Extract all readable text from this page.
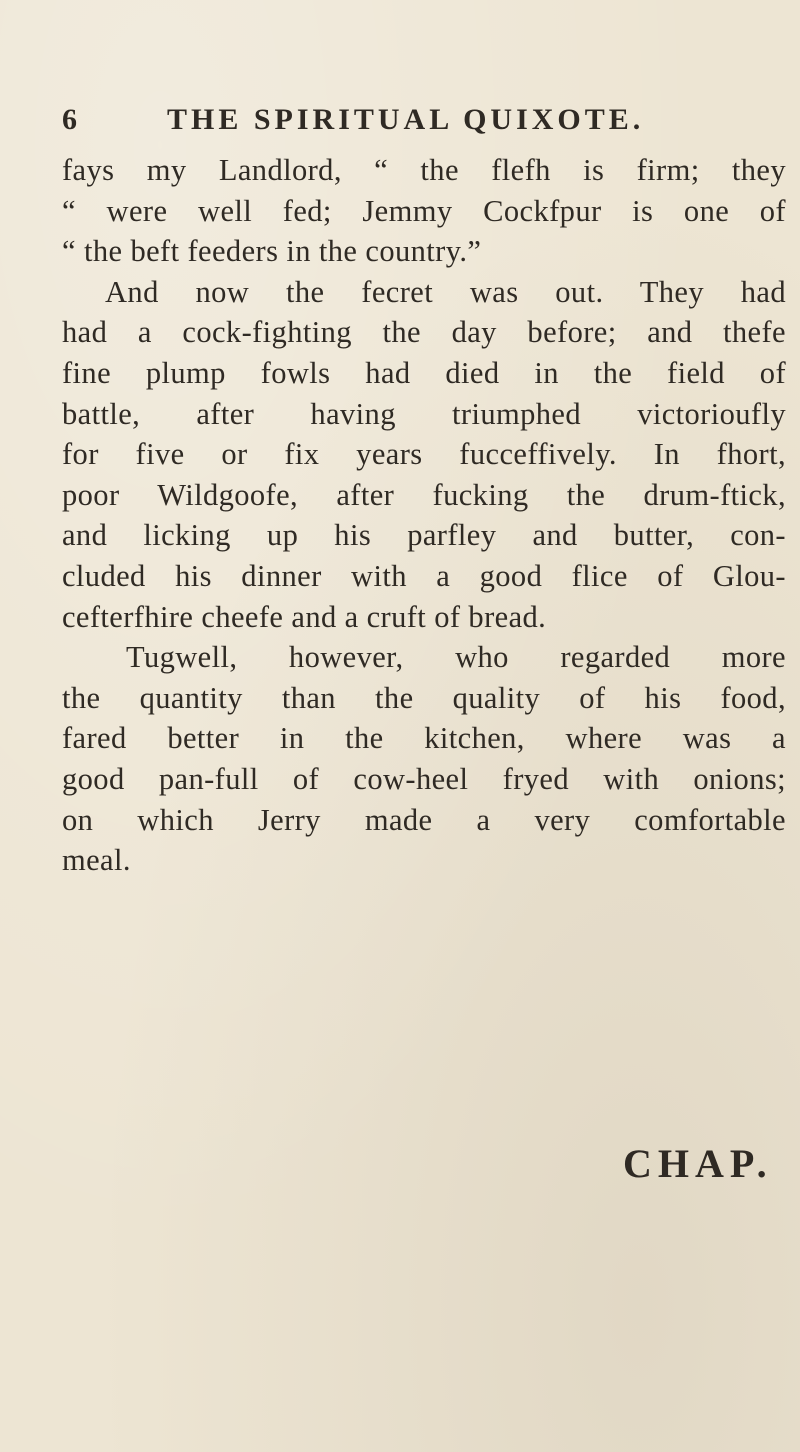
6	THE SPIRITUAL QUIXOTE.
fays my Landlord, “ the flefh is firm; they
“ were well fed; Jemmy Cockfpur is one of
“ the beft feeders in the country.”
And now the fecret was out. They had
had a cock-fighting the day before; and thefe
fine plump fowls had died in the field of
battle, after having triumphed victorioufly
for five or fix years fucceffively. In fhort,
poor Wildgoofe, after fucking the drum-ftick,
and licking up his parfley and butter, con-
cluded his dinner with a good flice of Glou-
cefterfhire cheefe and a cruft of bread.
Tugwell, however, who regarded more
the quantity than the quality of his food,
fared better in the kitchen, where was a
good pan-full of cow-heel fryed with onions;
on which Jerry made a very comfortable
meal.
CHAP.
